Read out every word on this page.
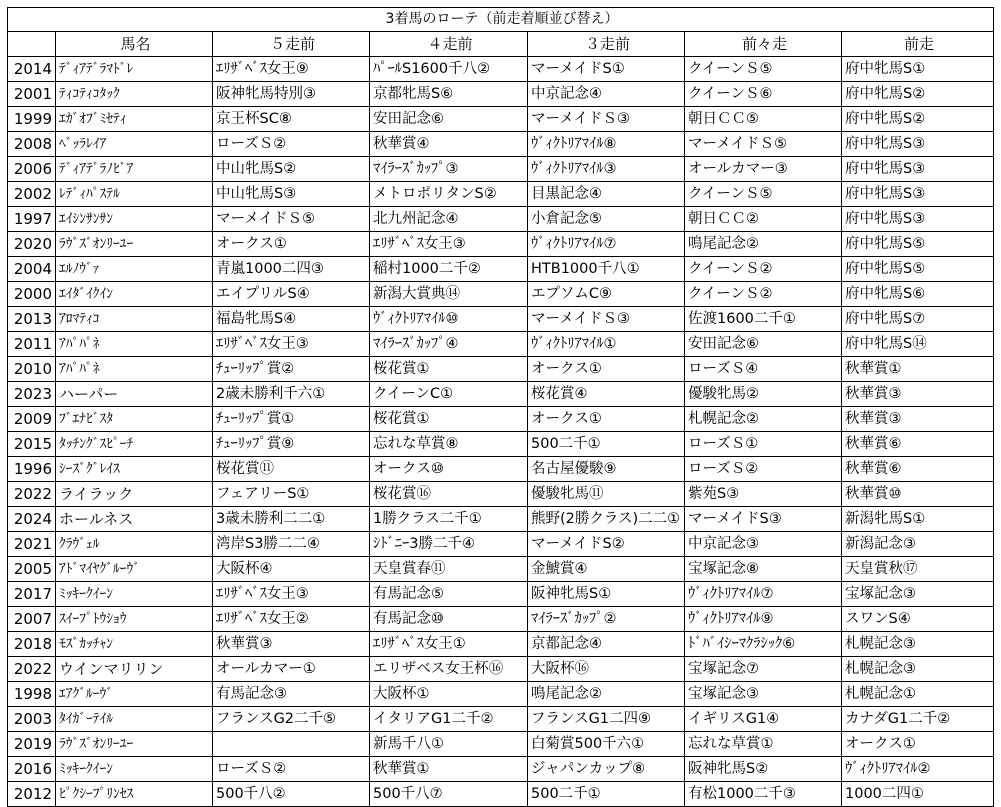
3着馬のローテ（前走着順並び替え）						
	馬名	５走前	４走前	３走前	前々走	前走
2014	ﾃﾞｨｱﾃﾞﾗﾏﾄﾞﾚ	ｴﾘｻﾞﾍﾞｽ女王⑨	ﾊﾟｰﾙS1600千八②	マーメイドS①	クイーンＳ⑤	府中牝馬S①
2001	ﾃｨｺﾃｨｺﾀｯｸ	阪神牝馬特別③	京都牝馬S⑥	中京記念④	クイーンＳ⑥	府中牝馬S②
1999	ｴｶﾞｵﾌﾞﾐｾﾃｨ	京王杯SC⑧	安田記念⑥	マーメイドＳ③	朝日ＣＣ⑤	府中牝馬S②
2008	ﾍﾞｯﾗﾚｲｱ	ローズＳ②	秋華賞④	ｳﾞｨｸﾄﾘｱﾏｲﾙ⑧	マーメイドＳ⑤	府中牝馬S③
2006	ﾃﾞｨｱﾃﾞﾗﾉﾋﾞｱ	中山牝馬S②	ﾏｲﾗｰｽﾞｶｯﾌﾟ③	ｳﾞｨｸﾄﾘｱﾏｲﾙ③	オールカマー③	府中牝馬S③
2002	ﾚﾃﾞｨﾊﾟｽﾃﾙ	中山牝馬S③	メトロポリタンS②	目黒記念④	クイーンＳ⑤	府中牝馬S③
1997	ｴｲｼﾝｻﾝｻﾝ	マーメイドＳ⑤	北九州記念④	小倉記念⑤	朝日ＣＣ②	府中牝馬S③
2020	ﾗｳﾞｽﾞｵﾝﾘｰﾕｰ	オークス①	ｴﾘｻﾞﾍﾞｽ女王③	ｳﾞｨｸﾄﾘｱﾏｲﾙ⑦	鳴尾記念②	府中牝馬S⑤
2004	ｴﾙﾉｳﾞｧ	青嵐1000二四③	稲村1000二千②	HTB1000千八①	クイーンＳ②	府中牝馬S⑤
2000	ｴｲﾀﾞｲｸｲﾝ	エイプリルS④	新潟大賞典⑭	エプソムC⑨	クイーンＳ②	府中牝馬S⑥
2013	ｱﾛﾏﾃｨｺ	福島牝馬S④	ｳﾞｨｸﾄﾘｱﾏｲﾙ⑩	マーメイドＳ③	佐渡1600二千①	府中牝馬S⑦
2011	ｱﾊﾟﾊﾟﾈ	ｴﾘｻﾞﾍﾞｽ女王③	ﾏｲﾗｰｽﾞｶｯﾌﾟ④	ｳﾞｨｸﾄﾘｱﾏｲﾙ①	安田記念⑥	府中牝馬S⑭
2010	ｱﾊﾟﾊﾟﾈ	ﾁｭｰﾘｯﾌﾟ賞②	桜花賞①	オークス①	ローズＳ④	秋華賞①
2023	ハーパー	2歳未勝利千六①	クイーンC①	桜花賞④	優駿牝馬②	秋華賞③
2009	ﾌﾞｴﾅﾋﾞｽﾀ	ﾁｭｰﾘｯﾌﾟ賞①	桜花賞①	オークス①	札幌記念②	秋華賞③
2015	ﾀｯﾁﾝｸﾞｽﾋﾟｰﾁ	ﾁｭｰﾘｯﾌﾟ賞⑨	忘れな草賞⑧	500二千①	ローズＳ①	秋華賞⑥
1996	ｼｰｽﾞｸﾞﾚｲｽ	桜花賞⑪	オークス⑩	名古屋優駿⑨	ローズＳ②	秋華賞⑥
2022	ライラック	フェアリーS①	桜花賞⑯	優駿牝馬⑪	紫苑S③	秋華賞⑩
2024	ホールネス	3歳未勝利二二①	1勝クラス二千①	熊野(2勝クラス)二二①	マーメイドS③	新潟牝馬S①
2021	ｸﾗｳﾞｪﾙ	湾岸S3勝二二④	ｼﾄﾞﾆｰ3勝二千④	マーメイドS②	中京記念③	新潟記念③
2005	ｱﾄﾞﾏｲﾔｸﾞﾙｰｳﾞ	大阪杯④	天皇賞春⑪	金鯱賞④	宝塚記念⑧	天皇賞秋⑰
2017	ﾐｯｷｰｸｲｰﾝ	ｴﾘｻﾞﾍﾞｽ女王③	有馬記念⑤	阪神牝馬S①	ｳﾞｨｸﾄﾘｱﾏｲﾙ⑦	宝塚記念③
2007	ｽｲｰﾌﾟﾄｳｼｮｳ	ｴﾘｻﾞﾍﾞｽ女王②	有馬記念⑩	ﾏｲﾗｰｽﾞｶｯﾌﾟ②	ｳﾞｨｸﾄﾘｱﾏｲﾙ⑨	スワンS④
2018	ﾓｽﾞｶｯﾁｬﾝ	秋華賞③	ｴﾘｻﾞﾍﾞｽ女王①	京都記念④	ﾄﾞﾊﾞｲｼｰﾏｸﾗｼｯｸ⑥	札幌記念③
2022	ウインマリリン	オールカマー①	エリザベス女王杯⑯	大阪杯⑯	宝塚記念⑦	札幌記念③
1998	ｴｱｸﾞﾙｰｳﾞ	有馬記念③	大阪杯①	鳴尾記念②	宝塚記念③	札幌記念①
2003	ﾀｲｶﾞｰﾃｲﾙ	フランスG2二千⑤	イタリアG1二千②	フランスG1二四⑨	イギリスG1④	カナダG1二千②
2019	ﾗｳﾞｽﾞｵﾝﾘｰﾕｰ		新馬千八①	白菊賞500千六①	忘れな草賞①	オークス①
2016	ﾐｯｷｰｸｲｰﾝ	ローズＳ②	秋華賞①	ジャパンカップ⑧	阪神牝馬S②	ｳﾞｨｸﾄﾘｱﾏｲﾙ②
2012	ﾋﾟｸｼｰﾌﾟﾘﾝｾｽ	500千八②	500千八⑦	500二千①	有松1000二千③	1000二四①
